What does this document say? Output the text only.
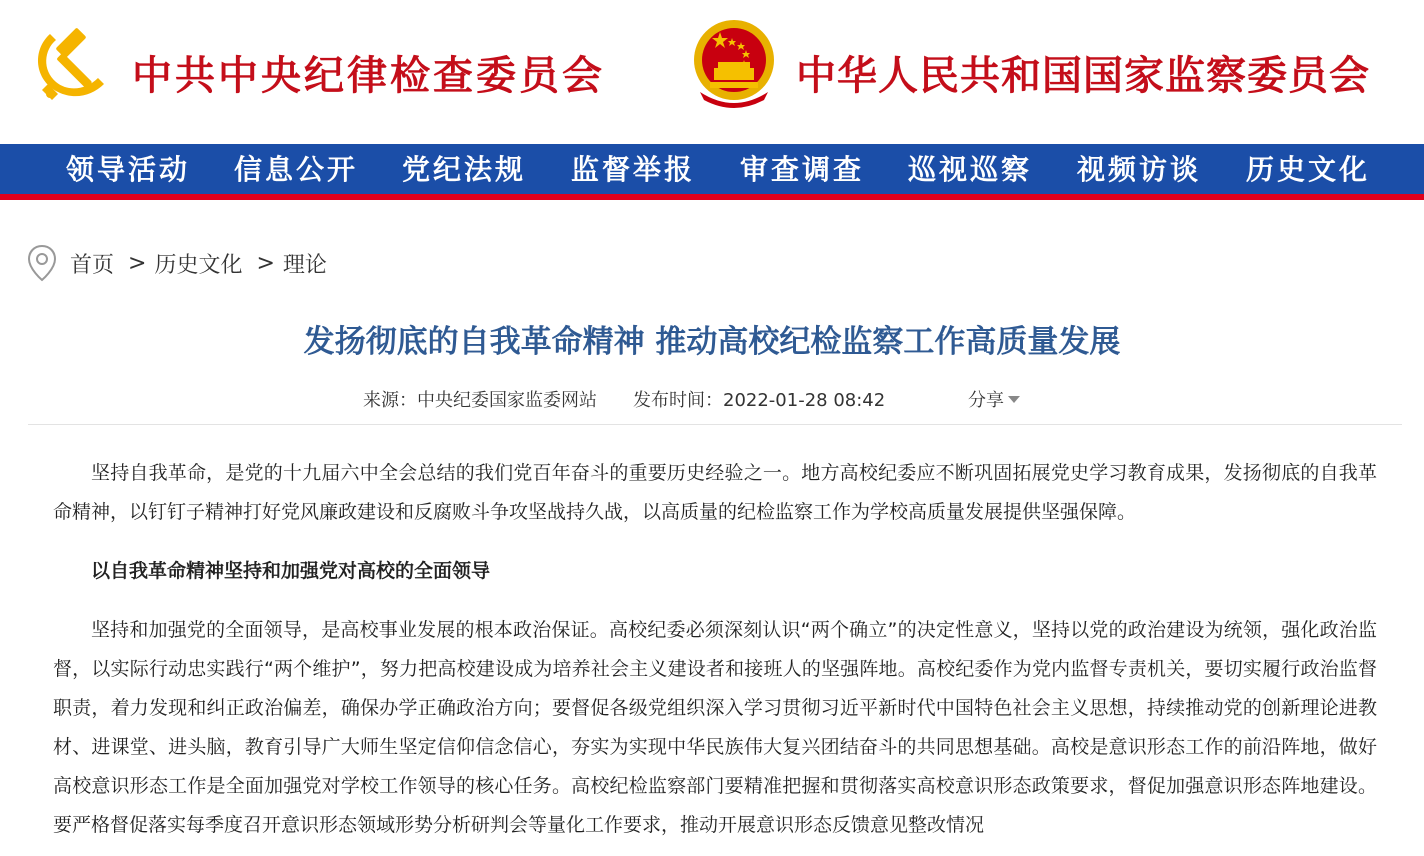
中共中央纪律检查委员会	中华人民共和国国家监察委员会
领导活动 信息公开 党纪法规 监督举报 审查调查 巡视巡察 视频访谈 历史文化
首页 > 历史文化 > 理论
发扬彻底的自我革命精神 推动高校纪检监察工作高质量发展
来源：中央纪委国家监委网站 发布时间：2022-01-28 08:42	分享

坚持自我革命，是党的十九届六中全会总结的我们党百年奋斗的重要历史经验之一。地方高校纪委应不断巩固拓展党史学习教育成果，发扬彻底的自我革命精神，以钉钉子精神打好党风廉政建设和反腐败斗争攻坚战持久战，以高质量的纪检监察工作为学校高质量发展提供坚强保障。

以自我革命精神坚持和加强党对高校的全面领导

坚持和加强党的全面领导，是高校事业发展的根本政治保证。高校纪委必须深刻认识“两个确立”的决定性意义，坚持以党的政治建设为统领，强化政治监督，以实际行动忠实践行“两个维护”，努力把高校建设成为培养社会主义建设者和接班人的坚强阵地。高校纪委作为党内监督专责机关，要切实履行政治监督职责，着力发现和纠正政治偏差，确保办学正确政治方向；要督促各级党组织深入学习贯彻习近平新时代中国特色社会主义思想，持续推动党的创新理论进教材、进课堂、进头脑，教育引导广大师生坚定信仰信念信心，夯实为实现中华民族伟大复兴团结奋斗的共同思想基础。高校是意识形态工作的前沿阵地，做好高校意识形态工作是全面加强党对学校工作领导的核心任务。高校纪检监察部门要精准把握和贯彻落实高校意识形态政策要求，督促加强意识形态阵地建设。要严格督促落实每季度召开意识形态领域形势分析研判会等量化工作要求，推动开展意识形态反馈意见整改情况
